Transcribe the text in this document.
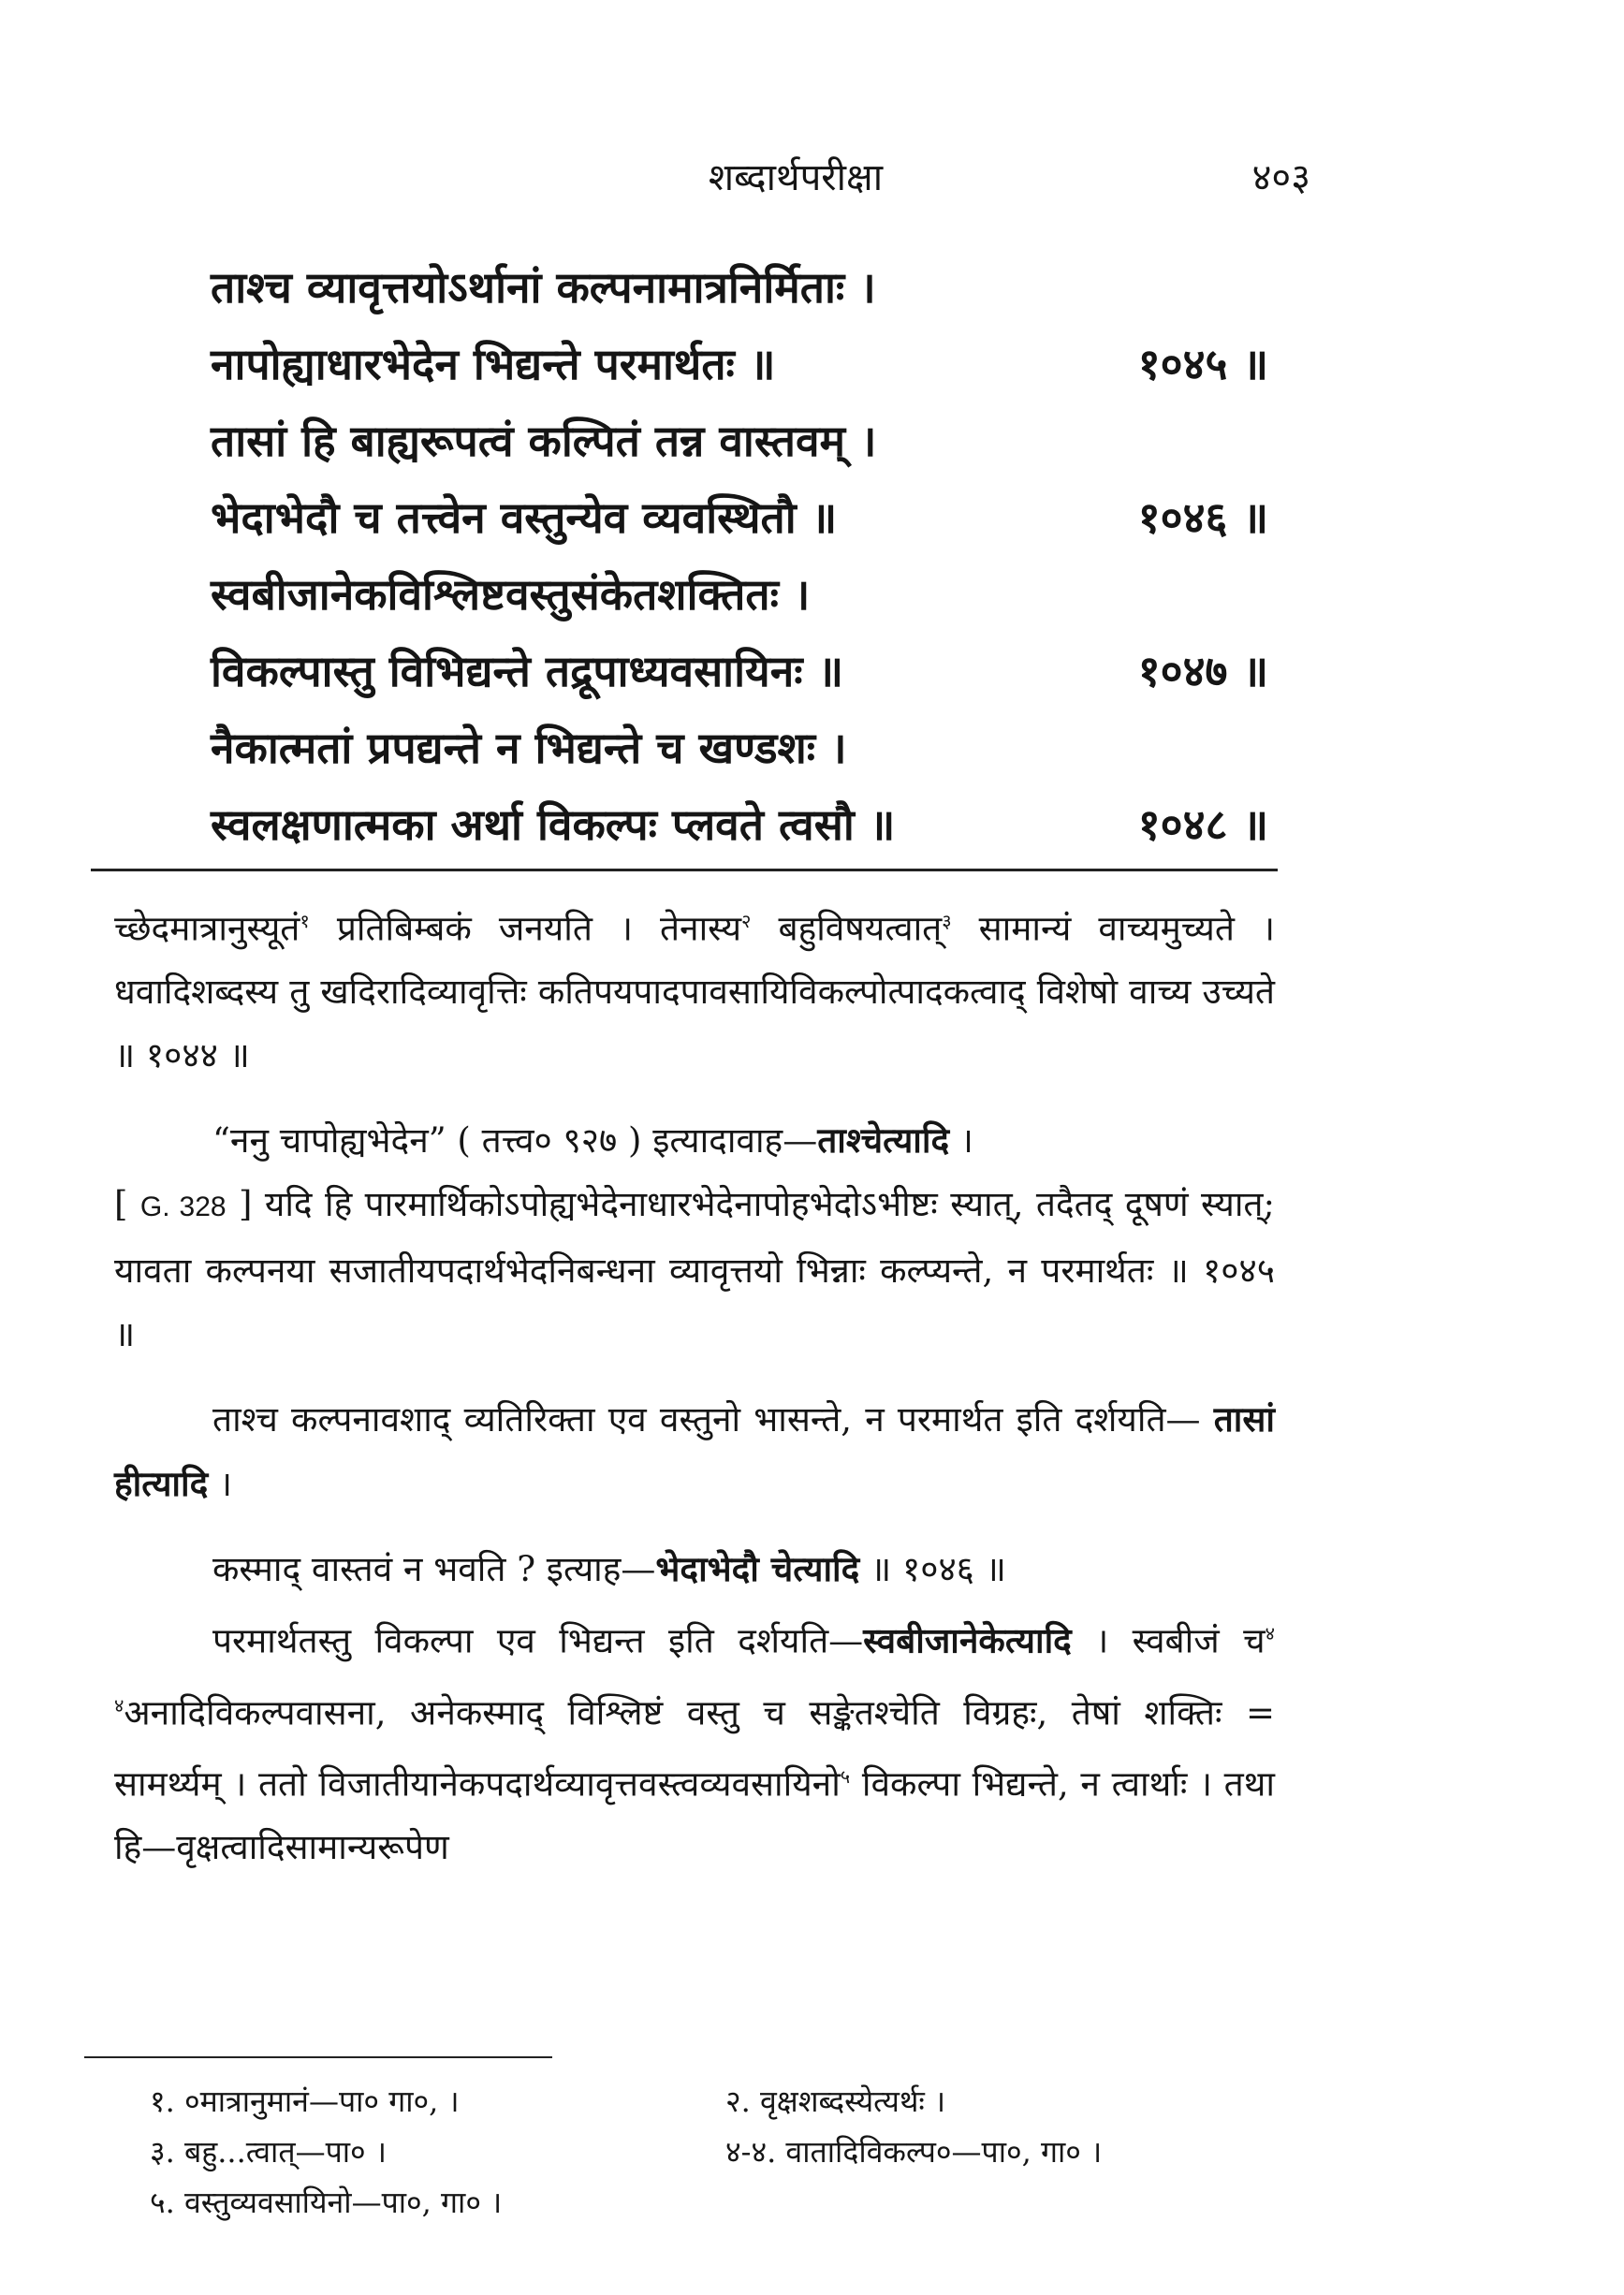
शब्दार्थपरीक्षा	४०३
ताश्च व्यावृत्तयोऽर्थानां कल्पनामात्रनिर्मिताः ।
नापोह्याधारभेदेन भिद्यन्ते परमार्थतः ॥	१०४५ ॥
तासां हि बाह्यरूपत्वं कल्पितं तन्न वास्तवम् ।
भेदाभेदौ च तत्त्वेन वस्तुन्येव व्यवस्थितौ ॥	१०४६ ॥
स्वबीजानेकविश्लिष्टवस्तुसंकेतशक्तितः ।
विकल्पास्तु विभिद्यन्ते तद्रूपाध्यवसायिनः ॥	१०४७ ॥
नैकात्मतां प्रपद्यन्ते न भिद्यन्ते च खण्डशः ।
स्वलक्षणात्मका अर्था विकल्पः प्लवते त्वसौ ॥	१०४८ ॥

च्छेदमात्रानुस्यूतं$^१$ प्रतिबिम्बकं जनयति । तेनास्य$^२$ बहुविषयत्वात्$^३$ सामान्यं वाच्यमुच्यते । धवादिशब्दस्य तु खदिरादिव्यावृत्तिः कतिपयपादपावसायिविकल्पोत्पादकत्वाद् विशेषो वाच्य उच्यते ॥ १०४४ ॥

“ननु चापोह्यभेदेन” ( तत्त्व० ९२७ ) इत्यादावाह—ताश्चेत्यादि ।

[ G. 328 ] यदि हि पारमार्थिकोऽपोह्यभेदेनाधारभेदेनापोहभेदोऽभीष्टः स्यात्, तदैतद् दूषणं स्यात्; यावता कल्पनया सजातीयपदार्थभेदनिबन्धना व्यावृत्तयो भिन्नाः कल्प्यन्ते, न परमार्थतः ॥ १०४५ ॥

ताश्च कल्पनावशाद् व्यतिरिक्ता एव वस्तुनो भासन्ते, न परमार्थत इति दर्शयति— तासां हीत्यादि ।

कस्माद् वास्तवं न भवति ? इत्याह—भेदाभेदौ चेत्यादि ॥ १०४६ ॥

परमार्थतस्तु विकल्पा एव भिद्यन्त इति दर्शयति—स्वबीजानेकेत्यादि । स्वबीजं च$^४$ $^४$अनादिविकल्पवासना, अनेकस्माद् विश्लिष्टं वस्तु च सङ्केतश्चेति विग्रहः, तेषां शक्तिः = सामर्थ्यम् । ततो विजातीयानेकपदार्थव्यावृत्तवस्त्वव्यवसायिनो$^५$ विकल्पा भिद्यन्ते, न त्वार्थाः । तथा हि—वृक्षत्वादिसामान्यरूपेण

१. ०मात्रानुमानं—पा० गा०, ।	२. वृक्षशब्दस्येत्यर्थः ।
३. बहु...त्वात्—पा० ।	४-४. वातादिविकल्प०—पा०, गा० ।
५. वस्तुव्यवसायिनो—पा०, गा० ।
